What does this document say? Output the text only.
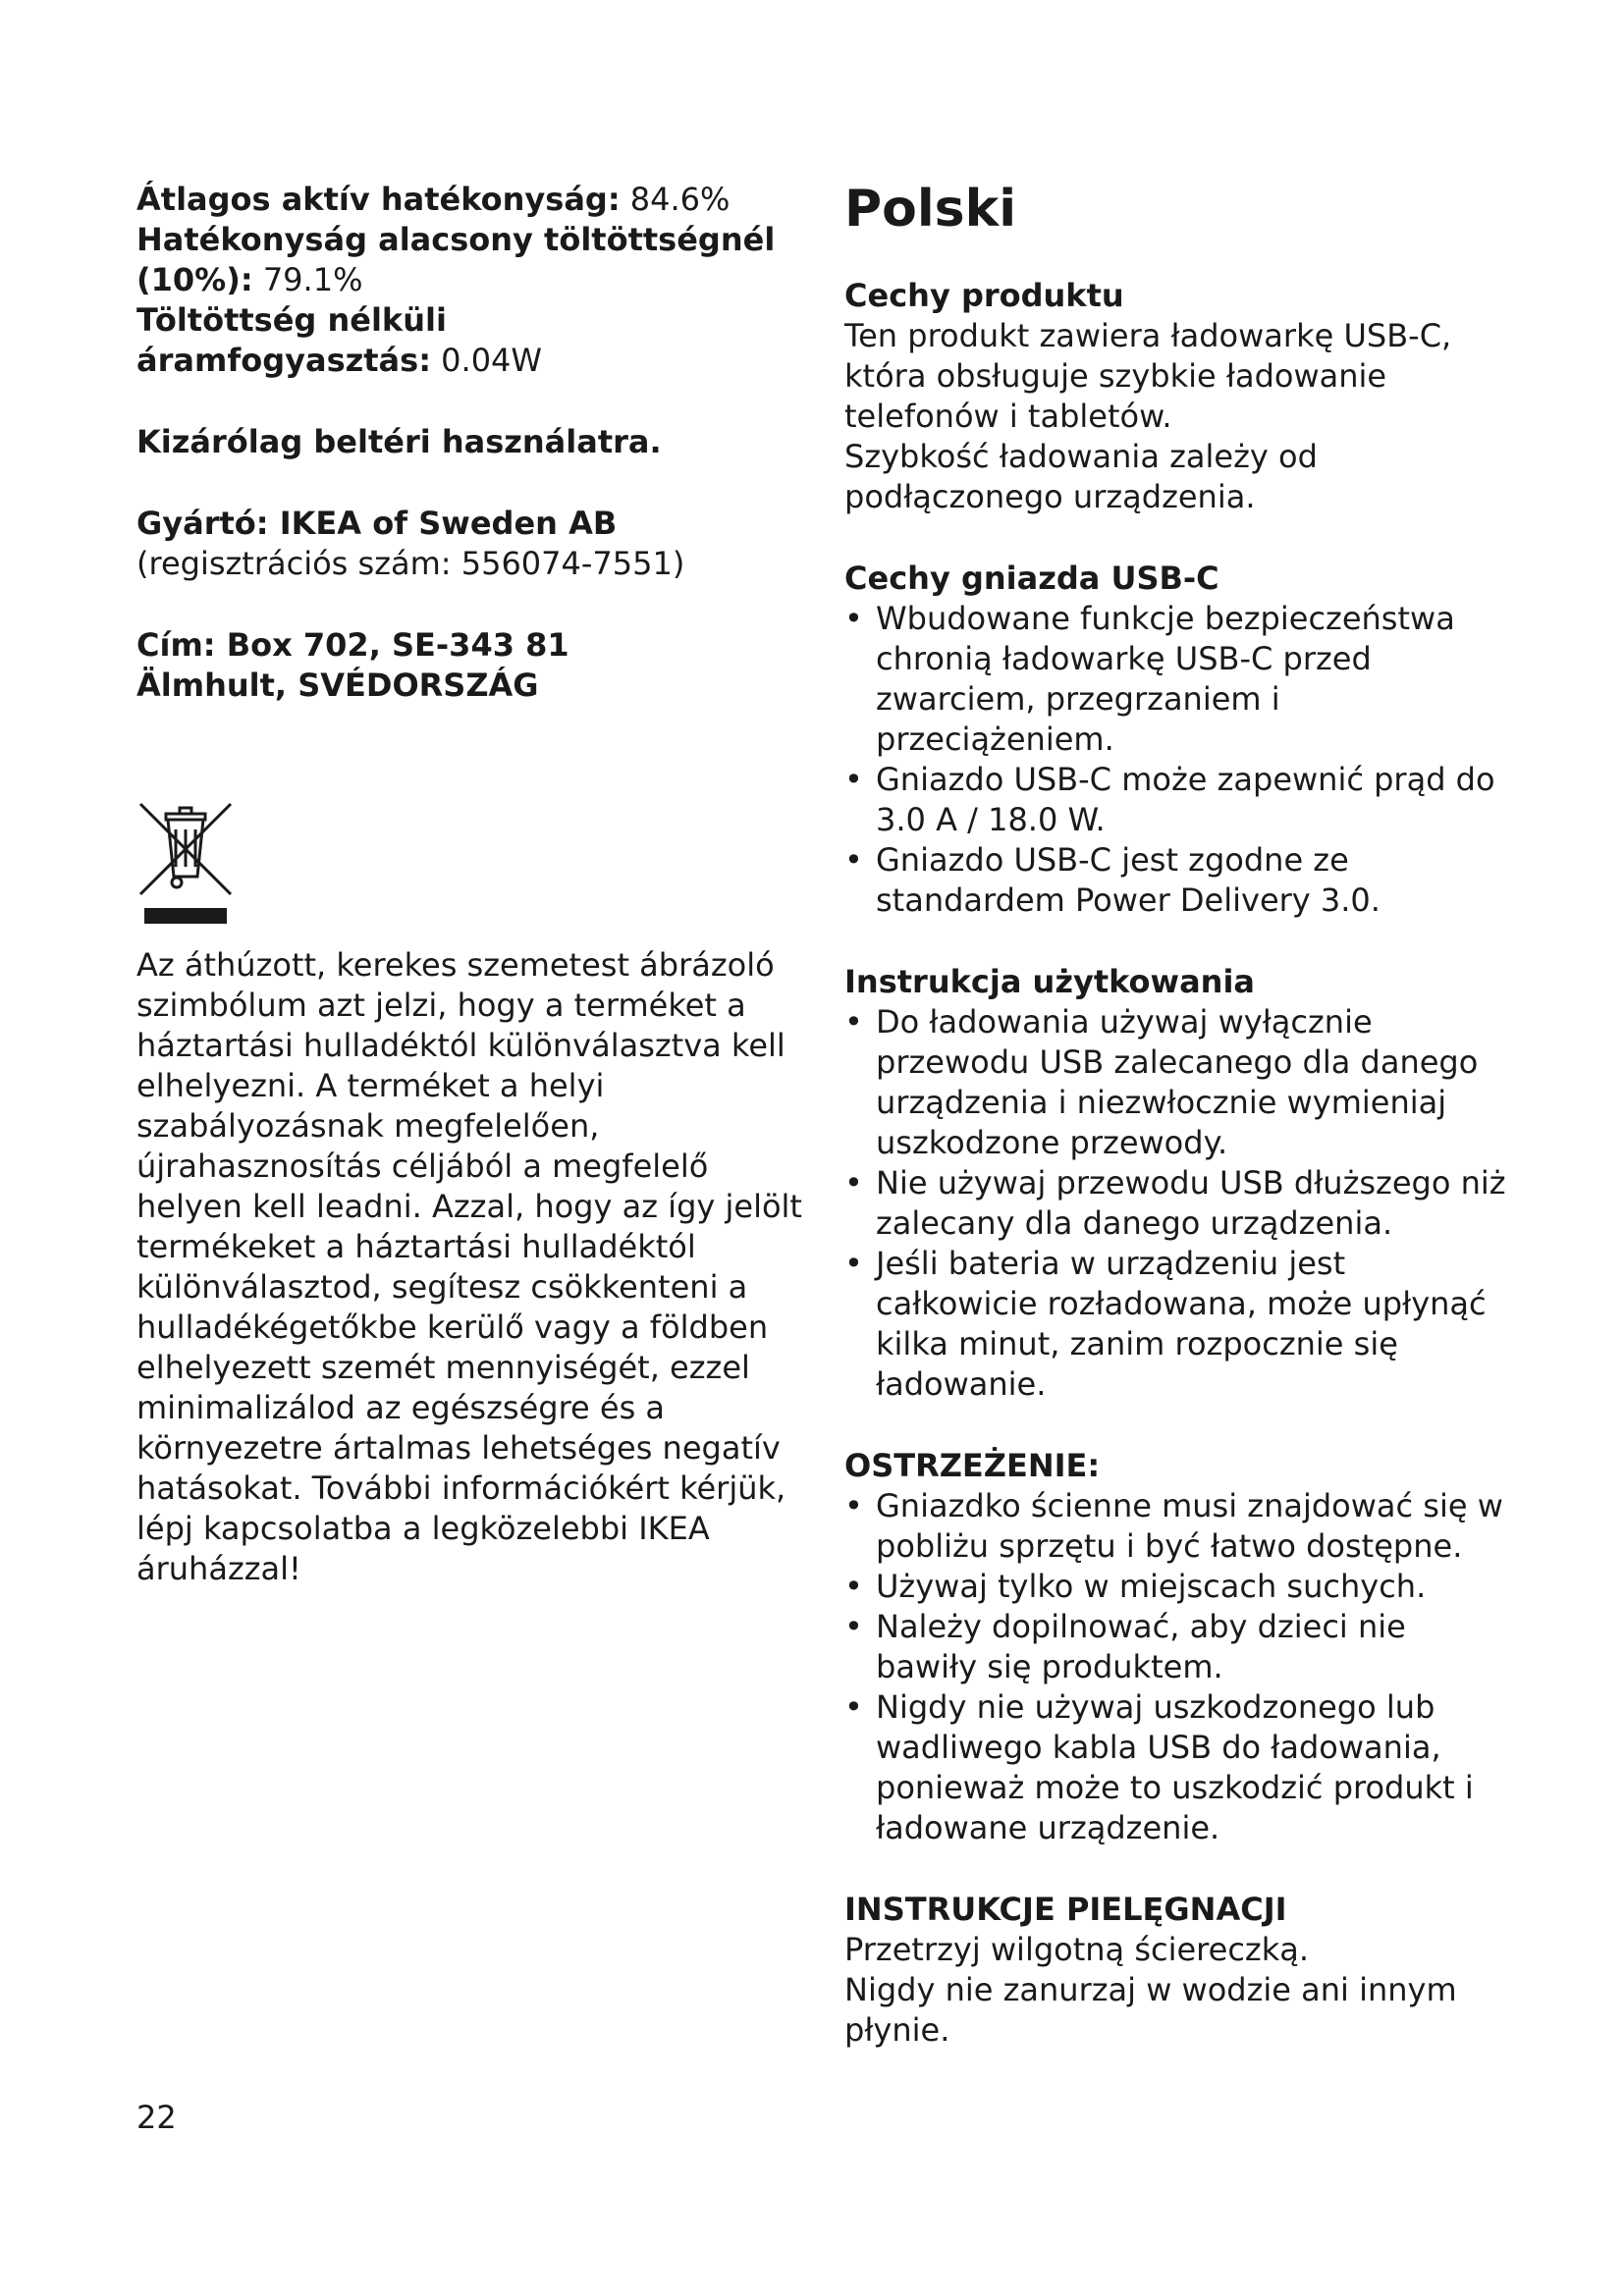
Átlagos aktív hatékonyság: 84.6%

Hatékonyság alacsony töltöttségnél (10%): 79.1%

Töltöttség nélküli áramfogyasztás: 0.04W

Kizárólag beltéri használatra.

Gyártó: IKEA of Sweden AB

(regisztrációs szám: 556074-7551)

Cím: Box 702, SE-343 81 Älmhult, SVÉDORSZÁG

Az áthúzott, kerekes szemetest ábrázoló szimbólum azt jelzi, hogy a terméket a háztartási hulladéktól különválasztva kell elhelyezni. A terméket a helyi szabályozásnak megfelelően, újrahasznosítás céljából a megfelelő helyen kell leadni. Azzal, hogy az így jelölt termékeket a háztartási hulladéktól különválasztod, segítesz csökkenteni a hulladékégetőkbe kerülő vagy a földben elhelyezett szemét mennyiségét, ezzel minimalizálod az egészségre és a környezetre ártalmas lehetséges negatív hatásokat. További információkért kérjük, lépj kapcsolatba a legközelebbi IKEA áruházzal!

Polski
Cechy produktu

Ten produkt zawiera ładowarkę USB-C, która obsługuje szybkie ładowanie telefonów i tabletów.

Szybkość ładowania zależy od podłączonego urządzenia.

Cechy gniazda USB-C
• Wbudowane funkcje bezpieczeństwa chronią ładowarkę USB-C przed zwarciem, przegrzaniem i przeciążeniem.
• Gniazdo USB-C może zapewnić prąd do 3.0 A / 18.0 W.
• Gniazdo USB-C jest zgodne ze standardem Power Delivery 3.0.
Instrukcja użytkowania
• Do ładowania używaj wyłącznie przewodu USB zalecanego dla danego urządzenia i niezwłocznie wymieniaj uszkodzone przewody.
• Nie używaj przewodu USB dłuższego niż zalecany dla danego urządzenia.
• Jeśli bateria w urządzeniu jest całkowicie rozładowana, może upłynąć kilka minut, zanim rozpocznie się ładowanie.
OSTRZEŻENIE:
• Gniazdko ścienne musi znajdować się w pobliżu sprzętu i być łatwo dostępne.
• Używaj tylko w miejscach suchych.
• Należy dopilnować, aby dzieci nie bawiły się produktem.
• Nigdy nie używaj uszkodzonego lub wadliwego kabla USB do ładowania, ponieważ może to uszkodzić produkt i ładowane urządzenie.
INSTRUKCJE PIELĘGNACJI

Przetrzyj wilgotną ściereczką.

Nigdy nie zanurzaj w wodzie ani innym płynie.

22
